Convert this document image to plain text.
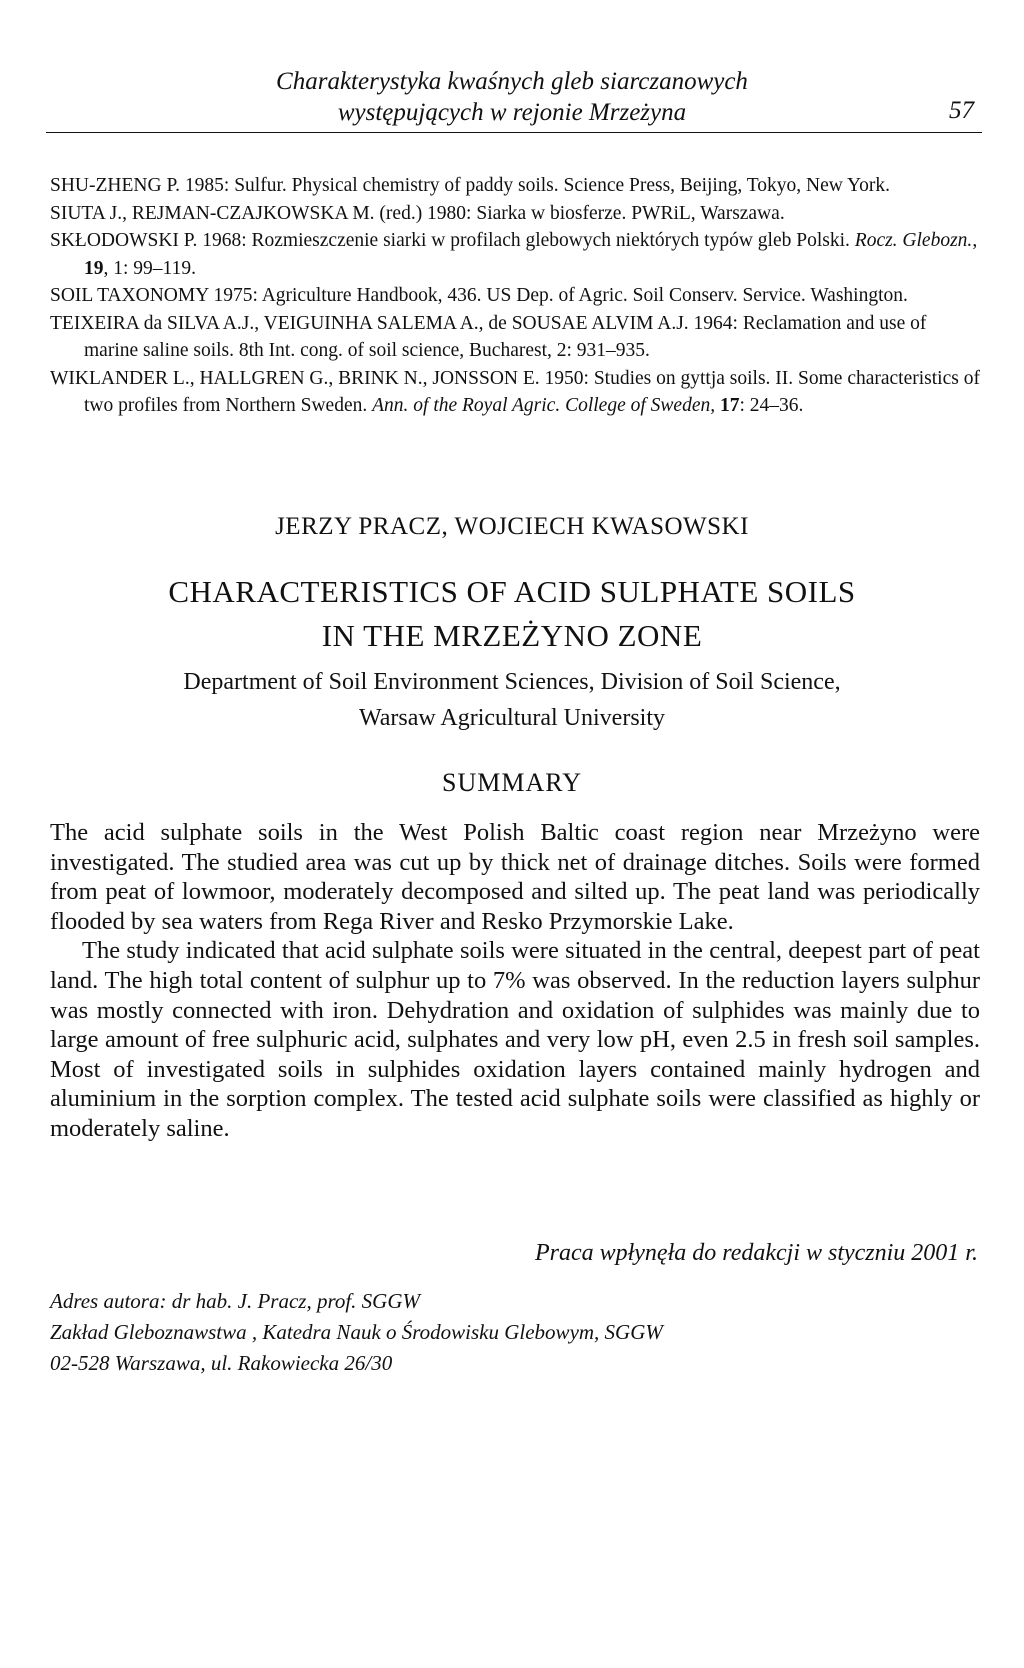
Charakterystyka kwaśnych gleb siarczanowych
występujących w rejonie Mrzeżyna	57

SHU-ZHENG P. 1985: Sulfur. Physical chemistry of paddy soils. Science Press, Beijing, Tokyo, New York.

SIUTA J., REJMAN-CZAJKOWSKA M. (red.) 1980: Siarka w biosferze. PWRiL, Warszawa.

SKŁODOWSKI P. 1968: Rozmieszczenie siarki w profilach glebowych niektórych typów gleb Polski. Rocz. Glebozn., 19, 1: 99–119.

SOIL TAXONOMY 1975: Agriculture Handbook, 436. US Dep. of Agric. Soil Conserv. Service. Washington.

TEIXEIRA da SILVA A.J., VEIGUINHA SALEMA A., de SOUSAE ALVIM A.J. 1964: Reclamation and use of marine saline soils. 8th Int. cong. of soil science, Bucharest, 2: 931–935.

WIKLANDER L., HALLGREN G., BRINK N., JONSSON E. 1950: Studies on gyttja soils. II. Some characteristics of two profiles from Northern Sweden. Ann. of the Royal Agric. College of Sweden, 17: 24–36.

JERZY PRACZ, WOJCIECH KWASOWSKI
CHARACTERISTICS OF ACID SULPHATE SOILS
IN THE MRZEŻYNO ZONE
Department of Soil Environment Sciences, Division of Soil Science,
Warsaw Agricultural University
SUMMARY

The acid sulphate soils in the West Polish Baltic coast region near Mrzeżyno were investigated. The studied area was cut up by thick net of drainage ditches. Soils were formed from peat of lowmoor, moderately decomposed and silted up. The peat land was periodically flooded by sea waters from Rega River and Resko Przymorskie Lake.

The study indicated that acid sulphate soils were situated in the central, deepest part of peat land. The high total content of sulphur up to 7% was observed. In the reduction layers sulphur was mostly connected with iron. Dehydration and oxidation of sulphides was mainly due to large amount of free sulphuric acid, sulphates and very low pH, even 2.5 in fresh soil samples. Most of investigated soils in sulphides oxidation layers contained mainly hydrogen and aluminium in the sorption complex. The tested acid sulphate soils were classified as highly or moderately saline.

Praca wpłynęła do redakcji w styczniu 2001 r.
Adres autora: dr hab. J. Pracz, prof. SGGW
Zakład Gleboznawstwa , Katedra Nauk o Środowisku Glebowym, SGGW
02-528 Warszawa, ul. Rakowiecka 26/30
